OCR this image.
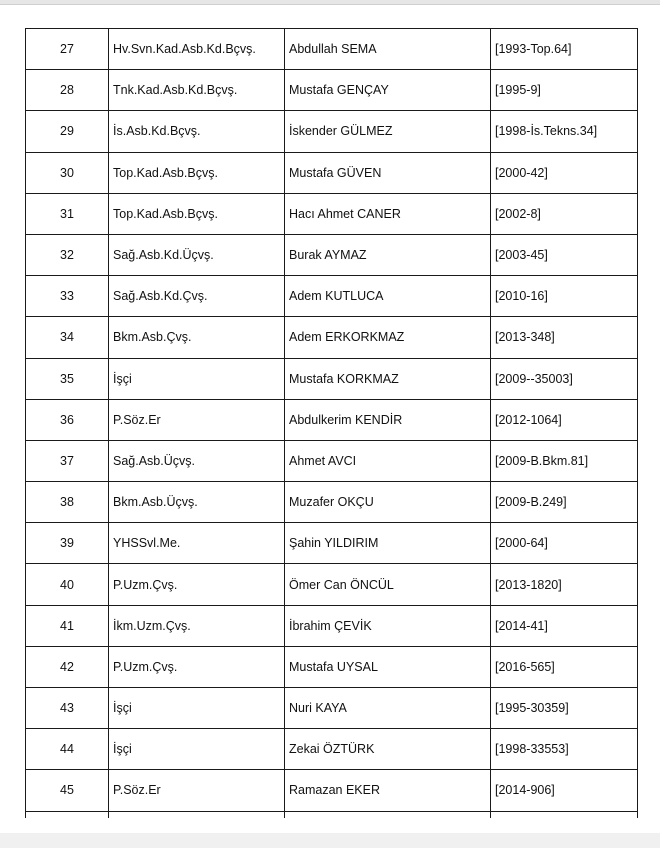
27	Hv.Svn.Kad.Asb.Kd.Bçvş.	Abdullah SEMA	[1993-Top.64]
28	Tnk.Kad.Asb.Kd.Bçvş.	Mustafa GENÇAY	[1995-9]
29	İs.Asb.Kd.Bçvş.	İskender GÜLMEZ	[1998-İs.Tekns.34]
30	Top.Kad.Asb.Bçvş.	Mustafa GÜVEN	[2000-42]
31	Top.Kad.Asb.Bçvş.	Hacı Ahmet CANER	[2002-8]
32	Sağ.Asb.Kd.Üçvş.	Burak AYMAZ	[2003-45]
33	Sağ.Asb.Kd.Çvş.	Adem KUTLUCA	[2010-16]
34	Bkm.Asb.Çvş.	Adem ERKORKMAZ	[2013-348]
35	İşçi	Mustafa KORKMAZ	[2009--35003]
36	P.Söz.Er	Abdulkerim KENDİR	[2012-1064]
37	Sağ.Asb.Üçvş.	Ahmet AVCI	[2009-B.Bkm.81]
38	Bkm.Asb.Üçvş.	Muzafer OKÇU	[2009-B.249]
39	YHSSvl.Me.	Şahin YILDIRIM	[2000-64]
40	P.Uzm.Çvş.	Ömer Can ÖNCÜL	[2013-1820]
41	İkm.Uzm.Çvş.	İbrahim ÇEVİK	[2014-41]
42	P.Uzm.Çvş.	Mustafa UYSAL	[2016-565]
43	İşçi	Nuri KAYA	[1995-30359]
44	İşçi	Zekai ÖZTÜRK	[1998-33553]
45	P.Söz.Er	Ramazan EKER	[2014-906]
